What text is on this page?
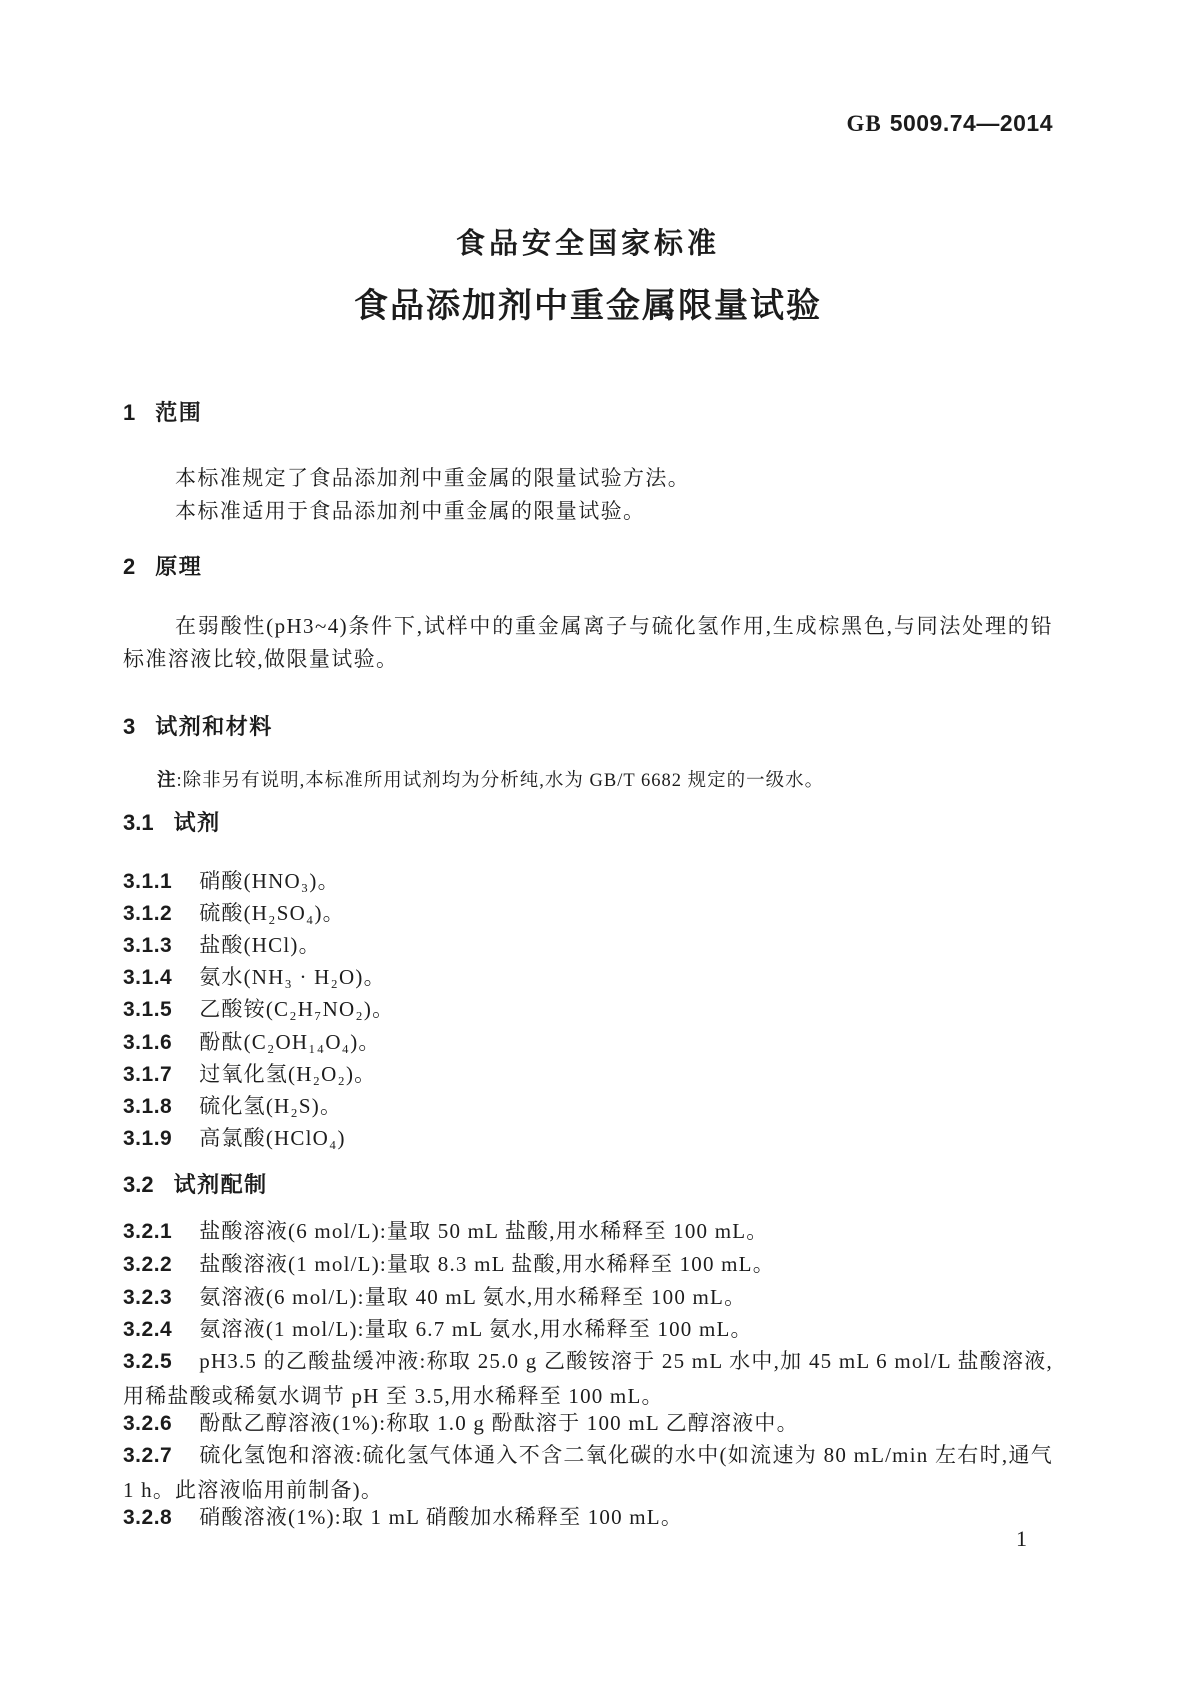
GB 5009.74—2014
食品安全国家标准
食品添加剂中重金属限量试验
1 范围
本标准规定了食品添加剂中重金属的限量试验方法。
本标准适用于食品添加剂中重金属的限量试验。
2 原理
在弱酸性(pH3~4)条件下,试样中的重金属离子与硫化氢作用,生成棕黑色,与同法处理的铅标准溶液比较,做限量试验。
3 试剂和材料
注:除非另有说明,本标准所用试剂均为分析纯,水为 GB/T 6682 规定的一级水。
3.1 试剂
3.1.1 硝酸(HNO₃)。
3.1.2 硫酸(H₂SO₄)。
3.1.3 盐酸(HCl)。
3.1.4 氨水(NH₃ · H₂O)。
3.1.5 乙酸铵(C₂H₇NO₂)。
3.1.6 酚酞(C₂OH₁₄O₄)。
3.1.7 过氧化氢(H₂O₂)。
3.1.8 硫化氢(H₂S)。
3.1.9 高氯酸(HClO₄)
3.2 试剂配制
3.2.1 盐酸溶液(6 mol/L):量取 50 mL 盐酸,用水稀释至 100 mL。
3.2.2 盐酸溶液(1 mol/L):量取 8.3 mL 盐酸,用水稀释至 100 mL。
3.2.3 氨溶液(6 mol/L):量取 40 mL 氨水,用水稀释至 100 mL。
3.2.4 氨溶液(1 mol/L):量取 6.7 mL 氨水,用水稀释至 100 mL。
3.2.5 pH3.5 的乙酸盐缓冲液:称取 25.0 g 乙酸铵溶于 25 mL 水中,加 45 mL 6 mol/L 盐酸溶液,用稀盐酸或稀氨水调节 pH 至 3.5,用水稀释至 100 mL。
3.2.6 酚酞乙醇溶液(1%):称取 1.0 g 酚酞溶于 100 mL 乙醇溶液中。
3.2.7 硫化氢饱和溶液:硫化氢气体通入不含二氧化碳的水中(如流速为 80 mL/min 左右时,通气 1 h。此溶液临用前制备)。
3.2.8 硝酸溶液(1%):取 1 mL 硝酸加水稀释至 100 mL。
1
